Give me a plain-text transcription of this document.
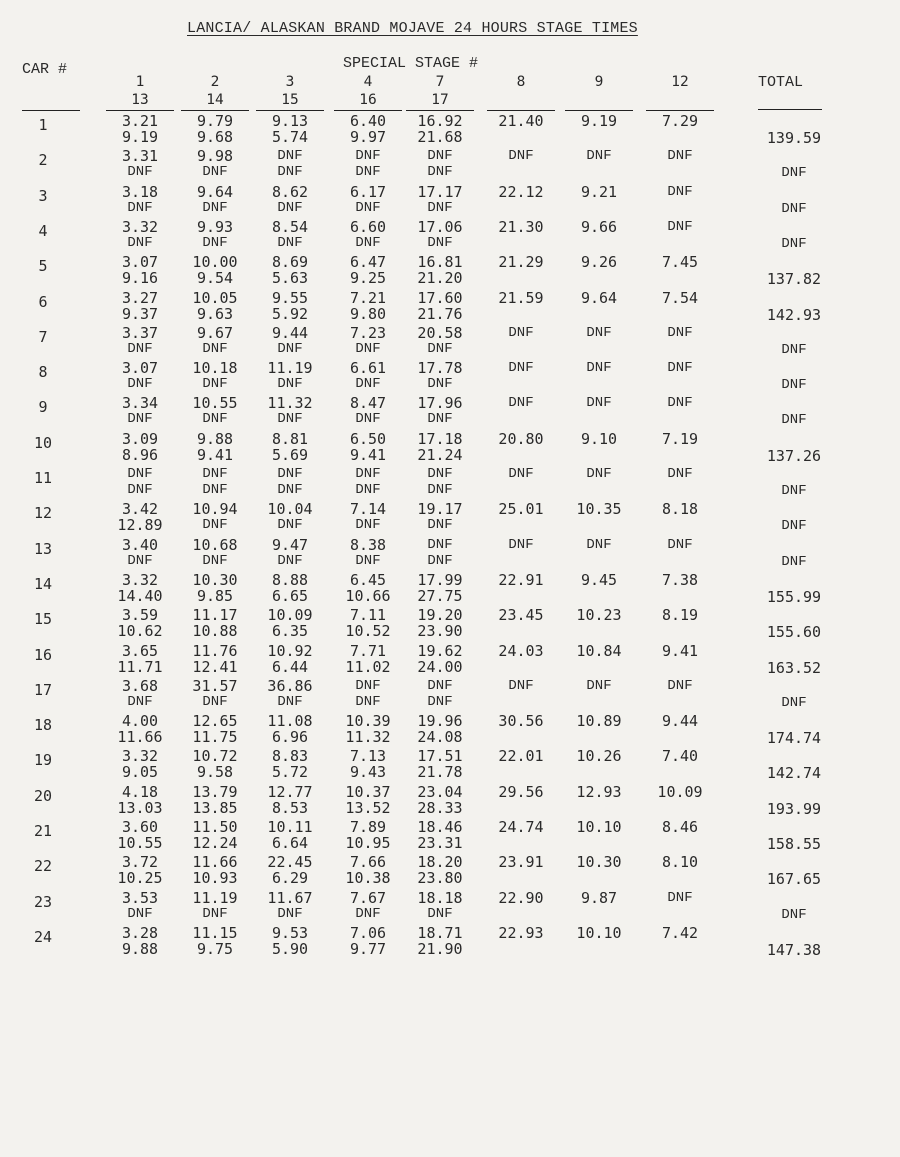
LANCIA/ ALASKAN BRAND MOJAVE 24 HOURS STAGE TIMES
CAR #	SPECIAL STAGE #
TOTAL
1	2	3	4	7	8	9	12
13	14	15	16	17
1	3.21	9.79	9.13	6.40	16.92	21.40	9.19	7.29
9.19	9.68	5.74	9.97	21.68	139.59
2	3.31	9.98	DNF	DNF	DNF	DNF	DNF	DNF
DNF	DNF	DNF	DNF	DNF	DNF
3	3.18	9.64	8.62	6.17	17.17	22.12	9.21	DNF
DNF	DNF	DNF	DNF	DNF	DNF
4	3.32	9.93	8.54	6.60	17.06	21.30	9.66	DNF
DNF	DNF	DNF	DNF	DNF	DNF
5	3.07	10.00	8.69	6.47	16.81	21.29	9.26	7.45
9.16	9.54	5.63	9.25	21.20	137.82
6	3.27	10.05	9.55	7.21	17.60	21.59	9.64	7.54
9.37	9.63	5.92	9.80	21.76	142.93
7	3.37	9.67	9.44	7.23	20.58	DNF	DNF	DNF
DNF	DNF	DNF	DNF	DNF	DNF
8	3.07	10.18	11.19	6.61	17.78	DNF	DNF	DNF
DNF	DNF	DNF	DNF	DNF	DNF
9	3.34	10.55	11.32	8.47	17.96	DNF	DNF	DNF
DNF	DNF	DNF	DNF	DNF	DNF
10	3.09	9.88	8.81	6.50	17.18	20.80	9.10	7.19
8.96	9.41	5.69	9.41	21.24	137.26
11	DNF	DNF	DNF	DNF	DNF	DNF	DNF	DNF
DNF	DNF	DNF	DNF	DNF	DNF
12	3.42	10.94	10.04	7.14	19.17	25.01	10.35	8.18
12.89	DNF	DNF	DNF	DNF	DNF
13	3.40	10.68	9.47	8.38	DNF	DNF	DNF	DNF
DNF	DNF	DNF	DNF	DNF	DNF
14	3.32	10.30	8.88	6.45	17.99	22.91	9.45	7.38
14.40	9.85	6.65	10.66	27.75	155.99
15	3.59	11.17	10.09	7.11	19.20	23.45	10.23	8.19
10.62	10.88	6.35	10.52	23.90	155.60
16	3.65	11.76	10.92	7.71	19.62	24.03	10.84	9.41
11.71	12.41	6.44	11.02	24.00	163.52
17	3.68	31.57	36.86	DNF	DNF	DNF	DNF	DNF
DNF	DNF	DNF	DNF	DNF	DNF
18	4.00	12.65	11.08	10.39	19.96	30.56	10.89	9.44
11.66	11.75	6.96	11.32	24.08	174.74
19	3.32	10.72	8.83	7.13	17.51	22.01	10.26	7.40
9.05	9.58	5.72	9.43	21.78	142.74
20	4.18	13.79	12.77	10.37	23.04	29.56	12.93	10.09
13.03	13.85	8.53	13.52	28.33	193.99
21	3.60	11.50	10.11	7.89	18.46	24.74	10.10	8.46
10.55	12.24	6.64	10.95	23.31	158.55
22	3.72	11.66	22.45	7.66	18.20	23.91	10.30	8.10
10.25	10.93	6.29	10.38	23.80	167.65
23	3.53	11.19	11.67	7.67	18.18	22.90	9.87	DNF
DNF	DNF	DNF	DNF	DNF	DNF
24	3.28	11.15	9.53	7.06	18.71	22.93	10.10	7.42
9.88	9.75	5.90	9.77	21.90	147.38
